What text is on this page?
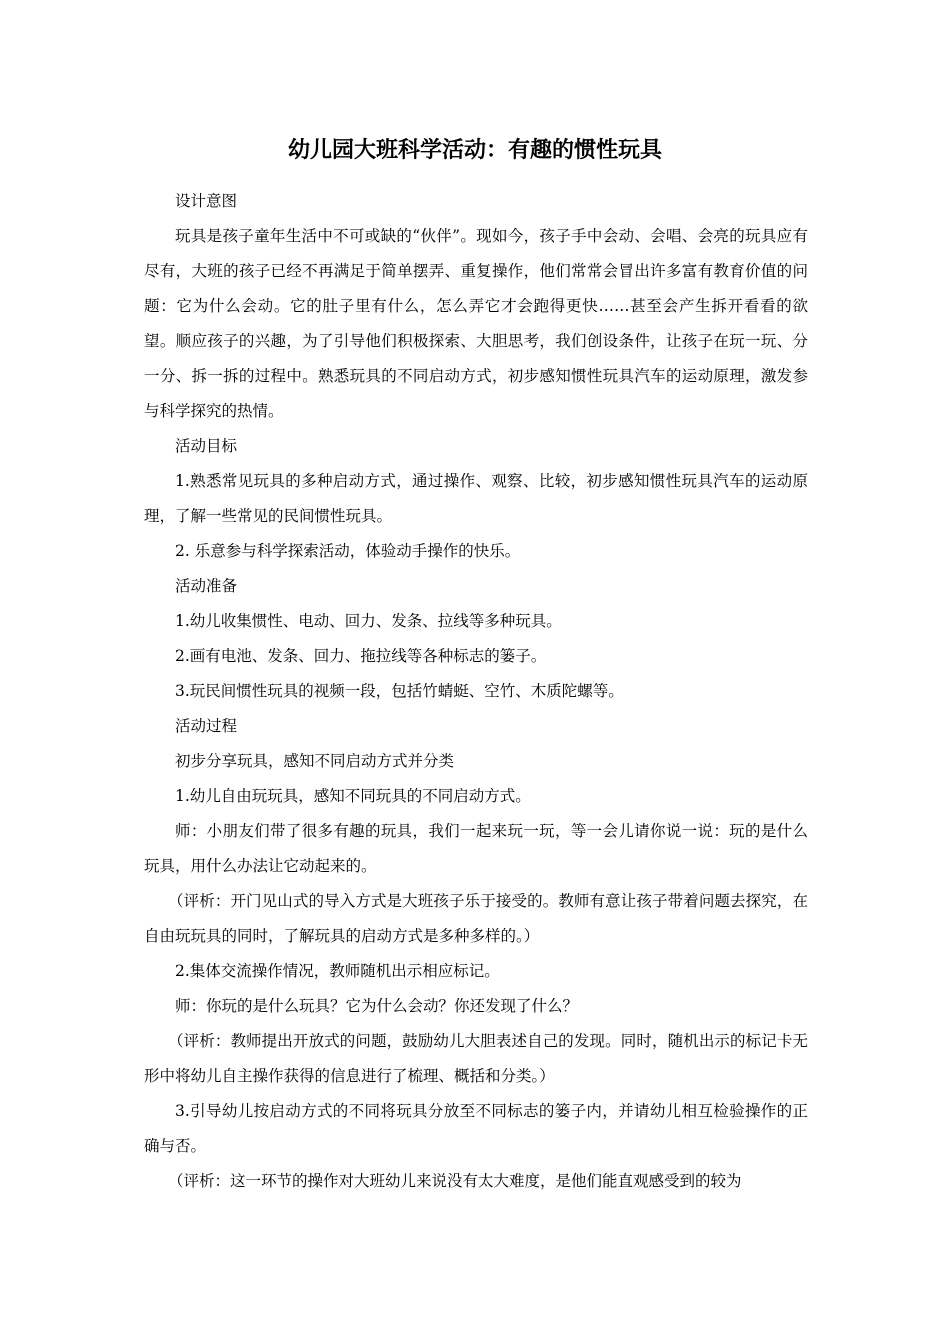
幼儿园大班科学活动：有趣的惯性玩具

设计意图

玩具是孩子童年生活中不可或缺的“伙伴”。现如今，孩子手中会动、会唱、会亮的玩具应有尽有，大班的孩子已经不再满足于简单摆弄、重复操作，他们常常会冒出许多富有教育价值的问题：它为什么会动。它的肚子里有什么，怎么弄它才会跑得更快……甚至会产生拆开看看的欲望。顺应孩子的兴趣，为了引导他们积极探索、大胆思考，我们创设条件，让孩子在玩一玩、分一分、拆一拆的过程中。熟悉玩具的不同启动方式，初步感知惯性玩具汽车的运动原理，激发参与科学探究的热情。

活动目标

1.熟悉常见玩具的多种启动方式，通过操作、观察、比较，初步感知惯性玩具汽车的运动原理，了解一些常见的民间惯性玩具。

2. 乐意参与科学探索活动，体验动手操作的快乐。

活动准备

1.幼儿收集惯性、电动、回力、发条、拉线等多种玩具。

2.画有电池、发条、回力、拖拉线等各种标志的篓子。

3.玩民间惯性玩具的视频一段，包括竹蜻蜓、空竹、木质陀螺等。

活动过程

初步分享玩具，感知不同启动方式并分类

1.幼儿自由玩玩具，感知不同玩具的不同启动方式。

师：小朋友们带了很多有趣的玩具，我们一起来玩一玩，等一会儿请你说一说：玩的是什么玩具，用什么办法让它动起来的。

（评析：开门见山式的导入方式是大班孩子乐于接受的。教师有意让孩子带着问题去探究，在自由玩玩具的同时，了解玩具的启动方式是多种多样的。）

2.集体交流操作情况，教师随机出示相应标记。

师：你玩的是什么玩具？它为什么会动？你还发现了什么？

（评析：教师提出开放式的问题，鼓励幼儿大胆表述自己的发现。同时，随机出示的标记卡无形中将幼儿自主操作获得的信息进行了梳理、概括和分类。）

3.引导幼儿按启动方式的不同将玩具分放至不同标志的篓子内，并请幼儿相互检验操作的正确与否。

（评析：这一环节的操作对大班幼儿来说没有太大难度，是他们能直观感受到的较为
